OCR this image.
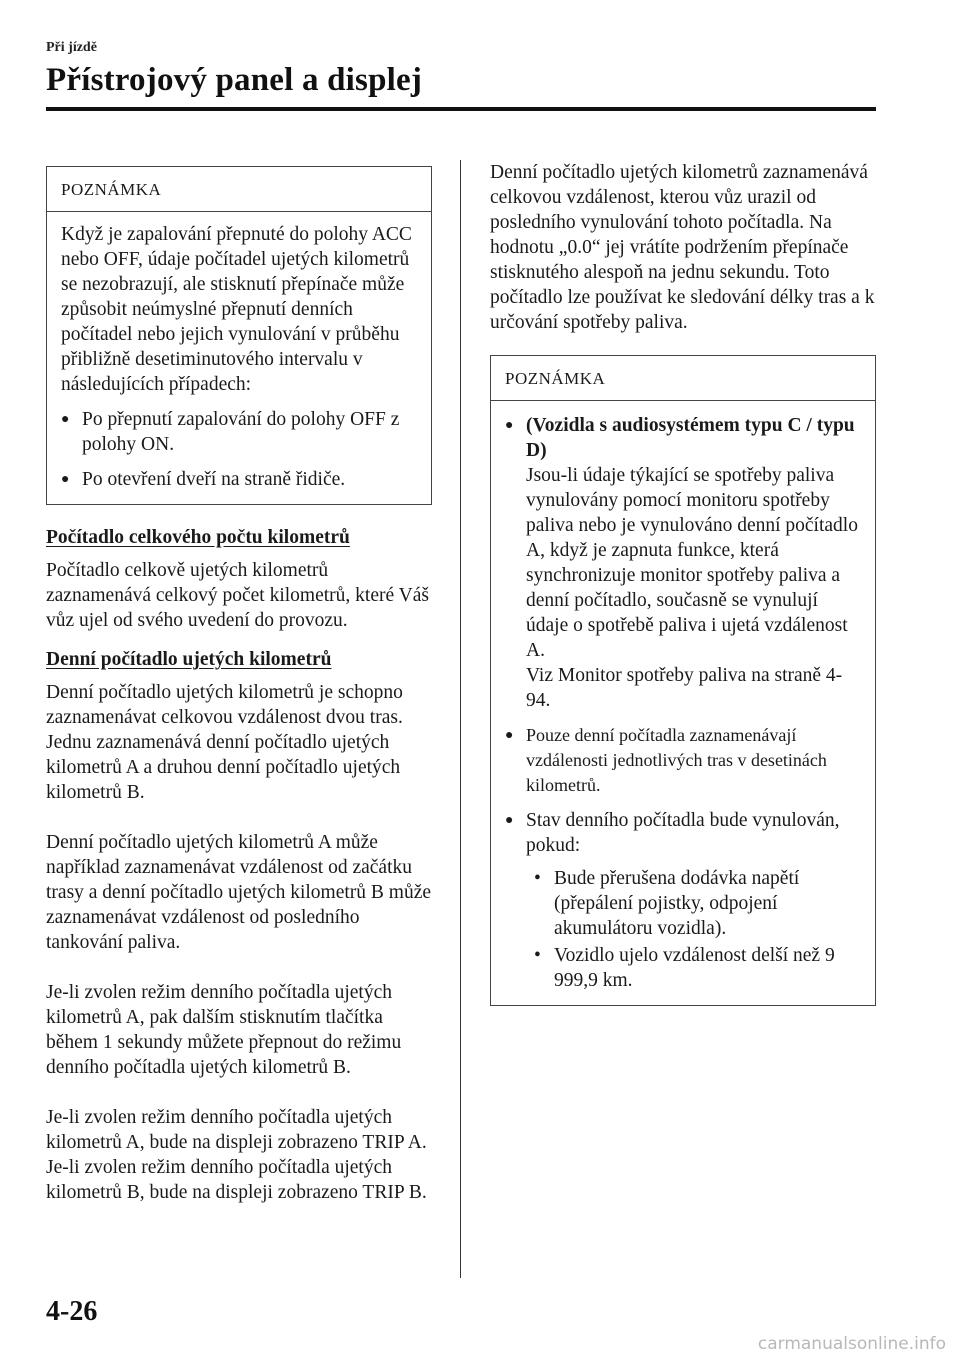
Při jízdě
Přístrojový panel a displej
POZNÁMKA

Když je zapalování přepnuté do polohy ACC nebo OFF, údaje počítadel ujetých kilometrů se nezobrazují, ale stisknutí přepínače může způsobit neúmyslné přepnutí denních počítadel nebo jejich vynulování v průběhu přibližně desetiminutového intervalu v následujících případech:

● Po přepnutí zapalování do polohy OFF z polohy ON.
● Po otevření dveří na straně řidiče.
Počítadlo celkového počtu kilometrů

Počítadlo celkově ujetých kilometrů zaznamenává celkový počet kilometrů, které Váš vůz ujel od svého uvedení do provozu.

Denní počítadlo ujetých kilometrů

Denní počítadlo ujetých kilometrů je schopno zaznamenávat celkovou vzdálenost dvou tras. Jednu zaznamenává denní počítadlo ujetých kilometrů A a druhou denní počítadlo ujetých kilometrů B.

Denní počítadlo ujetých kilometrů A může například zaznamenávat vzdálenost od začátku trasy a denní počítadlo ujetých kilometrů B může zaznamenávat vzdálenost od posledního tankování paliva.

Je-li zvolen režim denního počítadla ujetých kilometrů A, pak dalším stisknutím tlačítka během 1 sekundy můžete přepnout do režimu denního počítadla ujetých kilometrů B.

Je-li zvolen režim denního počítadla ujetých kilometrů A, bude na displeji zobrazeno TRIP A. Je-li zvolen režim denního počítadla ujetých kilometrů B, bude na displeji zobrazeno TRIP B.

Denní počítadlo ujetých kilometrů zaznamenává celkovou vzdálenost, kterou vůz urazil od posledního vynulování tohoto počítadla. Na hodnotu „0.0“ jej vrátíte podržením přepínače stisknutého alespoň na jednu sekundu. Toto počítadlo lze používat ke sledování délky tras a k určování spotřeby paliva.

POZNÁMKA
● (Vozidla s audiosystémem typu C / typu D)
Jsou-li údaje týkající se spotřeby paliva vynulovány pomocí monitoru spotřeby paliva nebo je vynulováno denní počítadlo A, když je zapnuta funkce, která synchronizuje monitor spotřeby paliva a denní počítadlo, současně se vynulují údaje o spotřebě paliva i ujetá vzdálenost A.
Viz Monitor spotřeby paliva na straně 4-94.
● Pouze denní počítadla zaznamenávají vzdálenosti jednotlivých tras v desetinách kilometrů.
● Stav denního počítadla bude vynulován, pokud:
• Bude přerušena dodávka napětí (přepálení pojistky, odpojení akumulátoru vozidla).
• Vozidlo ujelo vzdálenost delší než 9 999,9 km.
4-26
carmanualsonline.info
